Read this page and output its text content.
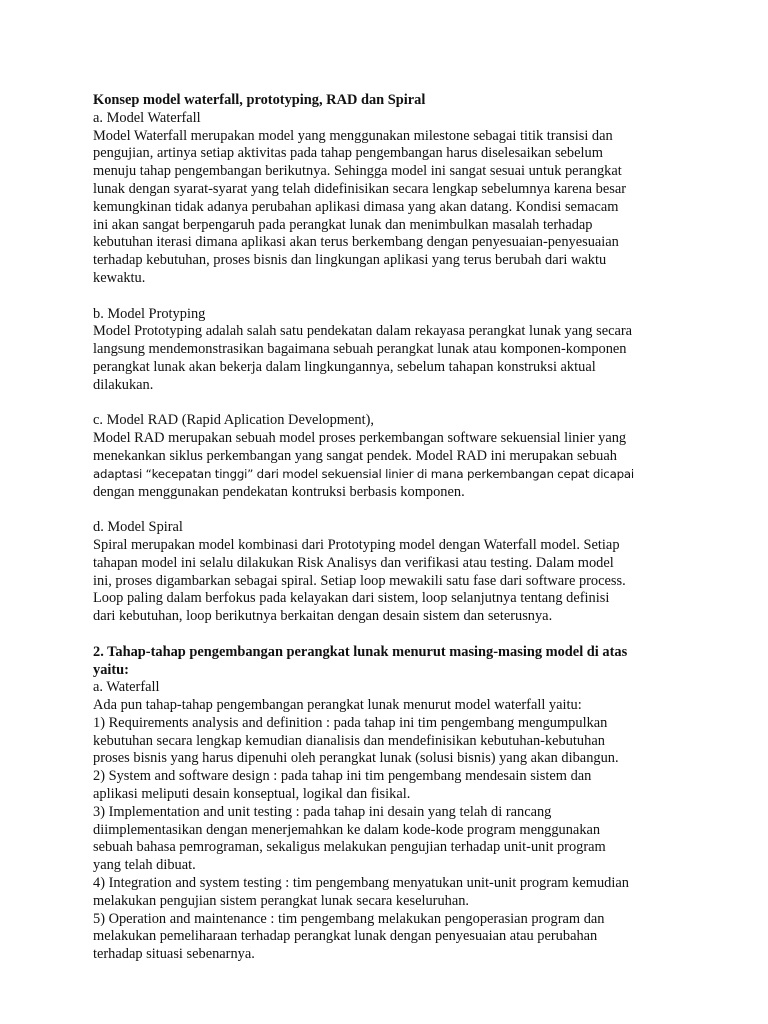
Konsep model waterfall, prototyping, RAD dan Spiral

a. Model Waterfall

Model Waterfall merupakan model yang menggunakan milestone sebagai titik transisi dan
pengujian, artinya setiap aktivitas pada tahap pengembangan harus diselesaikan sebelum
menuju tahap pengembangan berikutnya. Sehingga model ini sangat sesuai untuk perangkat
lunak dengan syarat-syarat yang telah didefinisikan secara lengkap sebelumnya karena besar
kemungkinan tidak adanya perubahan aplikasi dimasa yang akan datang. Kondisi semacam
ini akan sangat berpengaruh pada perangkat lunak dan menimbulkan masalah terhadap
kebutuhan iterasi dimana aplikasi akan terus berkembang dengan penyesuaian-penyesuaian
terhadap kebutuhan, proses bisnis dan lingkungan aplikasi yang terus berubah dari waktu
kewaktu.

b. Model Protyping

Model Prototyping adalah salah satu pendekatan dalam rekayasa perangkat lunak yang secara
langsung mendemonstrasikan bagaimana sebuah perangkat lunak atau komponen-komponen
perangkat lunak akan bekerja dalam lingkungannya, sebelum tahapan konstruksi aktual
dilakukan.

c. Model RAD (Rapid Aplication Development),

Model RAD merupakan sebuah model proses perkembangan software sekuensial linier yang
menekankan siklus perkembangan yang sangat pendek. Model RAD ini merupakan sebuah
adaptasi “kecepatan tinggi” dari model sekuensial linier di mana perkembangan cepat dicapai
dengan menggunakan pendekatan kontruksi berbasis komponen.

d. Model Spiral

Spiral merupakan model kombinasi dari Prototyping model dengan Waterfall model. Setiap
tahapan model ini selalu dilakukan Risk Analisys dan verifikasi atau testing. Dalam model
ini, proses digambarkan sebagai spiral. Setiap loop mewakili satu fase dari software process.
Loop paling dalam berfokus pada kelayakan dari sistem, loop selanjutnya tentang definisi
dari kebutuhan, loop berikutnya berkaitan dengan desain sistem dan seterusnya.

2. Tahap-tahap pengembangan perangkat lunak menurut masing-masing model di atas
yaitu:

a. Waterfall

Ada pun tahap-tahap pengembangan perangkat lunak menurut model waterfall yaitu:
1) Requirements analysis and definition : pada tahap ini tim pengembang mengumpulkan
kebutuhan secara lengkap kemudian dianalisis dan mendefinisikan kebutuhan-kebutuhan
proses bisnis yang harus dipenuhi oleh perangkat lunak (solusi bisnis) yang akan dibangun.
2) System and software design : pada tahap ini tim pengembang mendesain sistem dan
aplikasi meliputi desain konseptual, logikal dan fisikal.
3) Implementation and unit testing : pada tahap ini desain yang telah di rancang
diimplementasikan dengan menerjemahkan ke dalam kode-kode program menggunakan
sebuah bahasa pemrograman, sekaligus melakukan pengujian terhadap unit-unit program
yang telah dibuat.
4) Integration and system testing : tim pengembang menyatukan unit-unit program kemudian
melakukan pengujian sistem perangkat lunak secara keseluruhan.
5) Operation and maintenance : tim pengembang melakukan pengoperasian program dan
melakukan pemeliharaan terhadap perangkat lunak dengan penyesuaian atau perubahan
terhadap situasi sebenarnya.
